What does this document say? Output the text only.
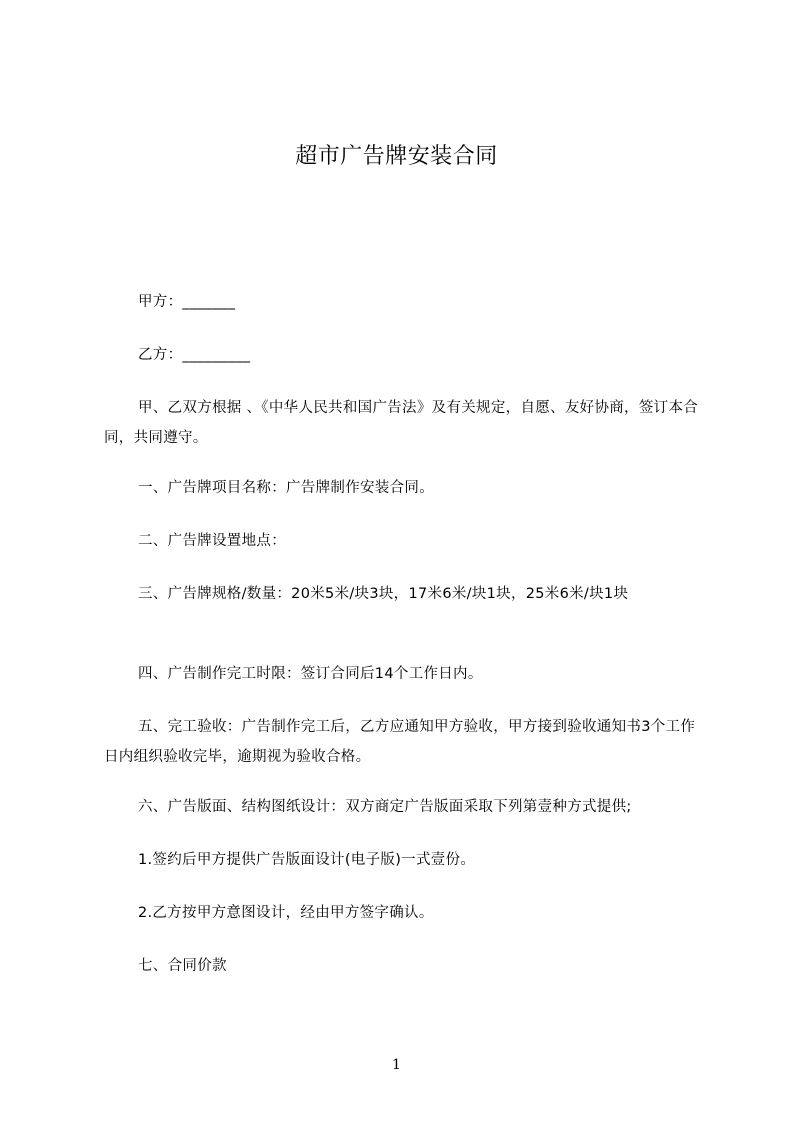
超市广告牌安装合同
甲方：_______
乙方：_________
甲、乙双方根据 、《中华人民共和国广告法》及有关规定，自愿、友好协商，签订本合同，共同遵守。
一、广告牌项目名称：广告牌制作安装合同。
二、广告牌设置地点：
三、广告牌规格/数量：20米5米/块3块，17米6米/块1块，25米6米/块1块
四、广告制作完工时限：签订合同后14个工作日内。
五、完工验收：广告制作完工后，乙方应通知甲方验收，甲方接到验收通知书3个工作日内组织验收完毕，逾期视为验收合格。
六、广告版面、结构图纸设计：双方商定广告版面采取下列第壹种方式提供;
1.签约后甲方提供广告版面设计(电子版)一式壹份。
2.乙方按甲方意图设计，经由甲方签字确认。
七、合同价款
1
